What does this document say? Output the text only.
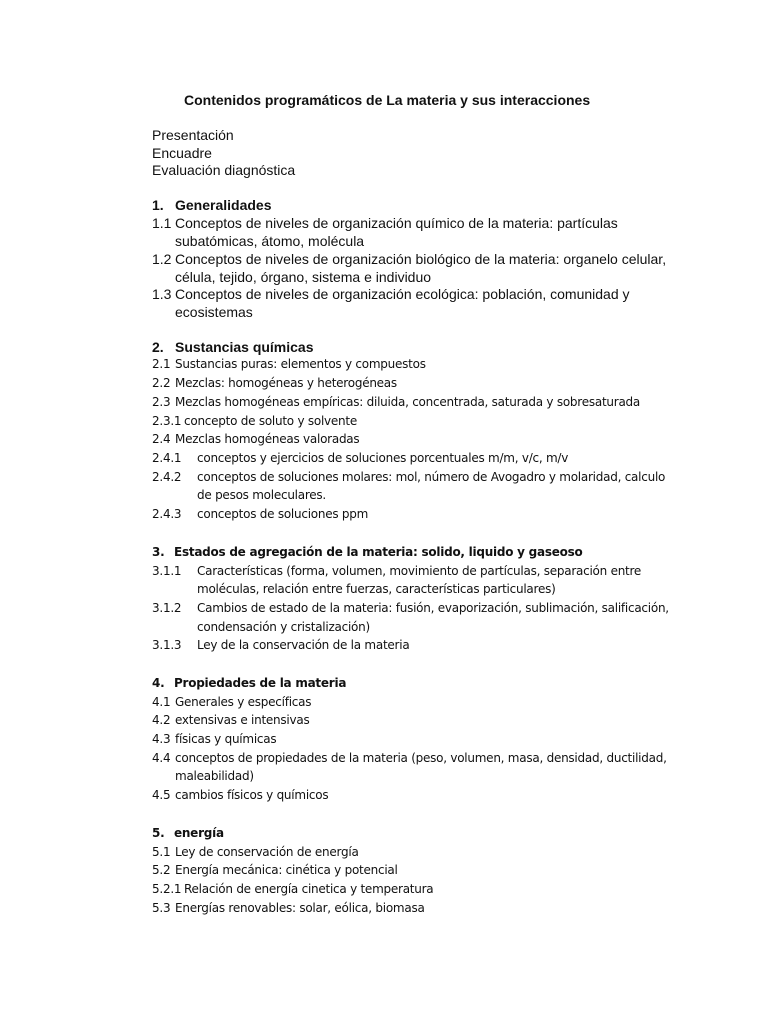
Contenidos programáticos de La materia y sus interacciones
Presentación
Encuadre
Evaluación diagnóstica
1. Generalidades
1.1 Conceptos de niveles de organización químico de la materia: partículas
subatómicas, átomo, molécula
1.2 Conceptos de niveles de organización biológico de la materia: organelo celular,
célula, tejido, órgano, sistema e individuo
1.3 Conceptos de niveles de organización ecológica: población, comunidad y
ecosistemas
2. Sustancias químicas
2.1 Sustancias puras: elementos y compuestos
2.2 Mezclas: homogéneas y heterogéneas
2.3 Mezclas homogéneas empíricas: diluida, concentrada, saturada y sobresaturada
2.3.1 concepto de soluto y solvente
2.4 Mezclas homogéneas valoradas
2.4.1 conceptos y ejercicios de soluciones porcentuales m/m, v/c, m/v
2.4.2 conceptos de soluciones molares: mol, número de Avogadro y molaridad, calculo
de pesos moleculares.
2.4.3 conceptos de soluciones ppm
3. Estados de agregación de la materia: solido, liquido y gaseoso
3.1.1 Características (forma, volumen, movimiento de partículas, separación entre
moléculas, relación entre fuerzas, características particulares)
3.1.2 Cambios de estado de la materia: fusión, evaporización, sublimación, salificación,
condensación y cristalización)
3.1.3 Ley de la conservación de la materia
4. Propiedades de la materia
4.1 Generales y específicas
4.2 extensivas e intensivas
4.3 físicas y químicas
4.4 conceptos de propiedades de la materia (peso, volumen, masa, densidad, ductilidad,
maleabilidad)
4.5 cambios físicos y químicos
5. energía
5.1 Ley de conservación de energía
5.2 Energía mecánica: cinética y potencial
5.2.1 Relación de energía cinetica y temperatura
5.3 Energías renovables: solar, eólica, biomasa
